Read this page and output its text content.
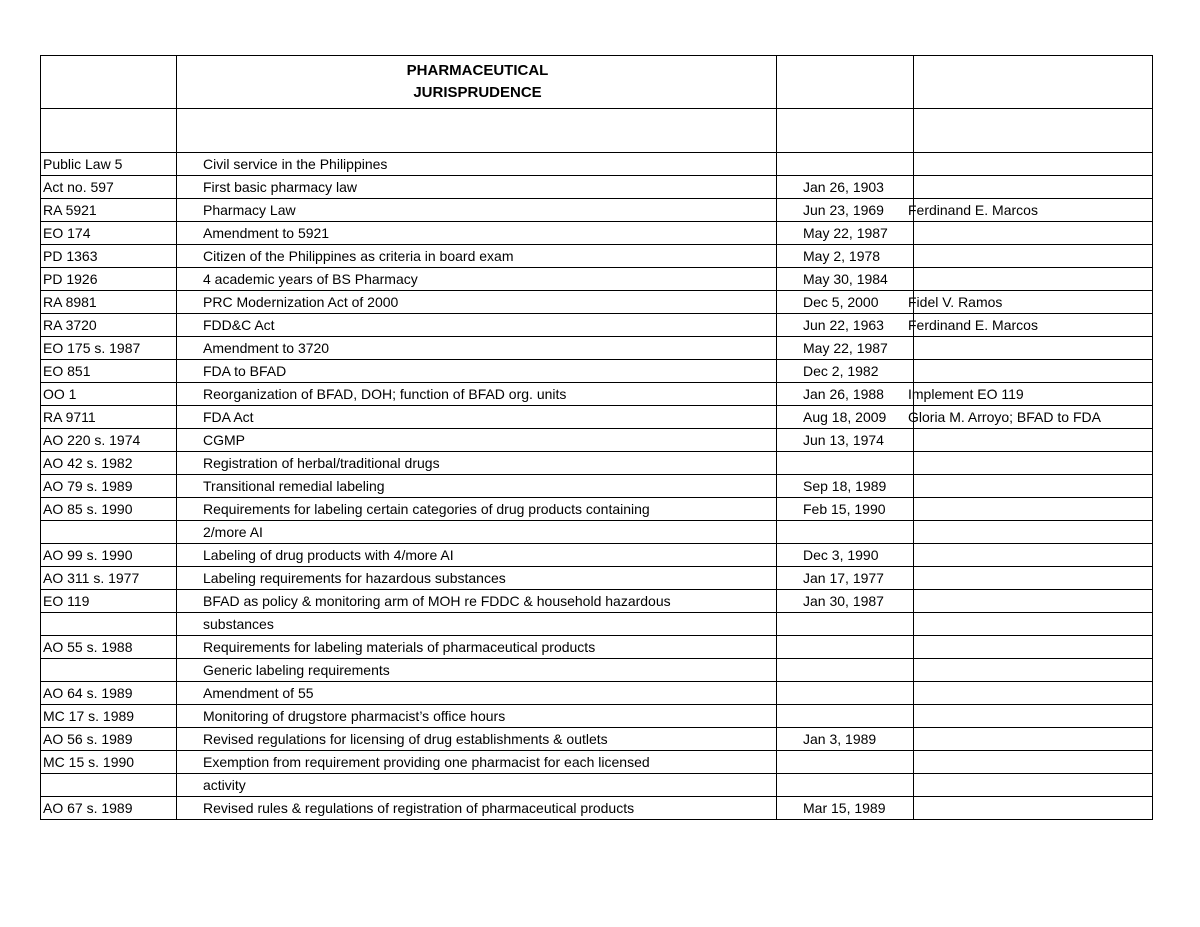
	PHARMACEUTICAL
JURISPRUDENCE		

Public Law 5	Civil service in the Philippines		
Act no. 597	First basic pharmacy law	Jan 26, 1903	
RA 5921	Pharmacy Law	Jun 23, 1969	Ferdinand E. Marcos
EO 174	Amendment to 5921	May 22, 1987	
PD 1363	Citizen of the Philippines as criteria in board exam	May 2, 1978	
PD 1926	4 academic years of BS Pharmacy	May 30, 1984	
RA 8981	PRC Modernization Act of 2000	Dec 5, 2000	Fidel V. Ramos
RA 3720	FDD&C Act	Jun 22, 1963	Ferdinand E. Marcos
EO 175 s. 1987	Amendment to 3720	May 22, 1987	
EO 851	FDA to BFAD	Dec 2, 1982	
OO 1	Reorganization of BFAD, DOH; function of BFAD org. units	Jan 26, 1988	Implement EO 119
RA 9711	FDA Act	Aug 18, 2009	Gloria M. Arroyo; BFAD to FDA
AO 220 s. 1974	CGMP	Jun 13, 1974	
AO 42 s. 1982	Registration of herbal/traditional drugs		
AO 79 s. 1989	Transitional remedial labeling	Sep 18, 1989	
AO 85 s. 1990	Requirements for labeling certain categories of drug products containing	Feb 15, 1990	
	2/more AI		
AO 99 s. 1990	Labeling of drug products with 4/more AI	Dec 3, 1990	
AO 311 s. 1977	Labeling requirements for hazardous substances	Jan 17, 1977	
EO 119	BFAD as policy & monitoring arm of MOH re FDDC & household hazardous	Jan 30, 1987	
	substances		
AO 55 s. 1988	Requirements for labeling materials of pharmaceutical products		
	Generic labeling requirements		
AO 64 s. 1989	Amendment of 55		
MC 17 s. 1989	Monitoring of drugstore pharmacist’s office hours		
AO 56 s. 1989	Revised regulations for licensing of drug establishments & outlets	Jan 3, 1989	
MC 15 s. 1990	Exemption from requirement providing one pharmacist for each licensed		
	activity		
AO 67 s. 1989	Revised rules & regulations of registration of pharmaceutical products	Mar 15, 1989	
